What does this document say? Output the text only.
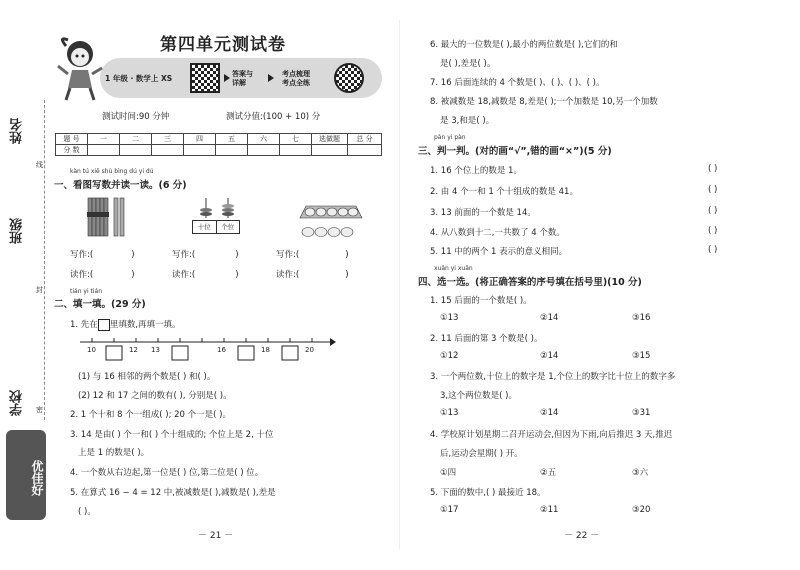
姓名
班级
学校
线
封
密
优佳好
第四单元测试卷
1 年级 · 数学上 XS	答案与
详解
考点梳理
考点全练
测试时间:90 分钟	测试分值:(100 + 10) 分
题 号	一	二	三	四	五	六	七	选做题	总 分
分 数									
kàn tú xiě shù bìng dú yi dú
一、看图写数并读一读。(6 分)
十位	个位
写作:(	)	写作:(	)	写作:(	)
读作:(	)	读作:(	)	读作:(	)
tián yi tián
二、填一填。(29 分)
1. 先在 里填数,再填一填。
10	12 13	16	18	20
(1) 与 16 相邻的两个数是( ) 和( )。
(2) 12 和 17 之间的数有( ), 分别是( )。
2. 1 个十和 8 个一组成( ); 20 个一是( )。
3. 14 是由( ) 个一和( ) 个十组成的; 个位上是 2, 十位
上是 1 的数是( )。
4. 一个数从右边起,第一位是( ) 位,第二位是( ) 位。
5. 在算式 16 − 4 = 12 中,被减数是( ),减数是( ),差是
( )。
－ 21 －
6. 最大的一位数是( ),最小的两位数是( ),它们的和
是( ),差是( )。
7. 16 后面连续的 4 个数是( )、( )、( )、( )。
8. 被减数是 18,减数是 8,差是( );一个加数是 10,另一个加数
是 3,和是( )。
pàn yi pàn
三、判一判。(对的画“√”,错的画“×”)(5 分)
1. 16 个位上的数是 1。
2. 由 4 个一和 1 个十组成的数是 41。
3. 13 前面的一个数是 14。
4. 从八数到十二,一共数了 4 个数。
5. 11 中的两个 1 表示的意义相同。
( )
( )
( )
( )
( )
xuǎn yi xuǎn
四、选一选。(将正确答案的序号填在括号里)(10 分)
1. 15 后面的一个数是( )。
①13	②14	③16
2. 11 后面的第 3 个数是( )。
①12	②14	③15
3. 一个两位数,十位上的数字是 1,个位上的数字比十位上的数字多
3,这个两位数是( )。
①13	②14	③31
4. 学校原计划星期二召开运动会,但因为下雨,向后推迟 3 天,推迟
后,运动会星期( ) 开。
①四	②五	③六
5. 下面的数中,( ) 最接近 18。
①17	②11	③20
－ 22 －
